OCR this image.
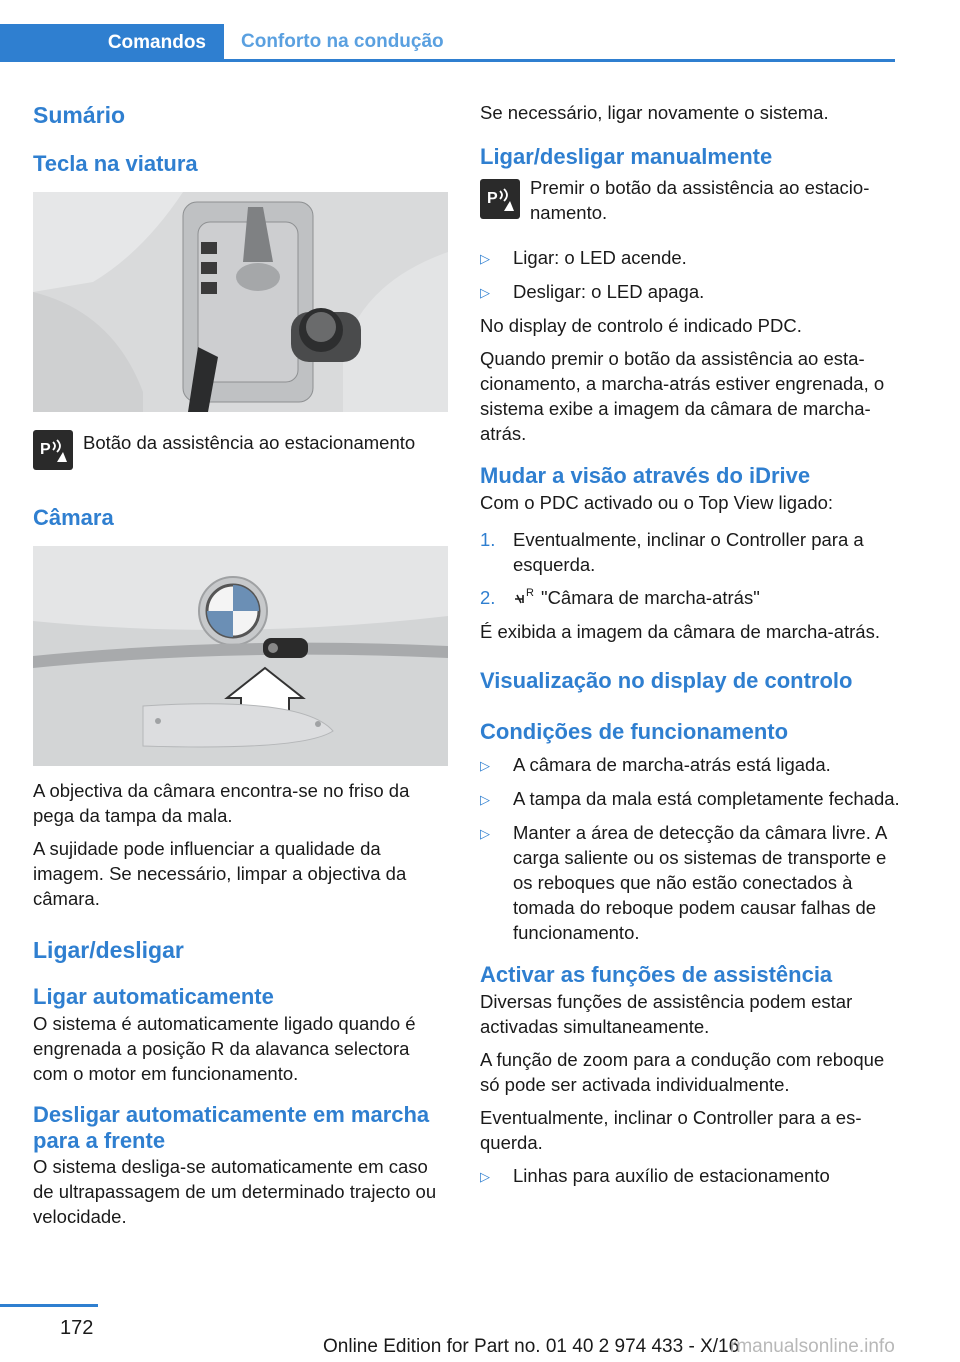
Comandos	Conforto na condução
Sumário
Tecla na viatura
P Botão da assistência ao estacionamento
Câmara

A objectiva da câmara encontra-se no friso da pega da tampa da mala.

A sujidade pode influenciar a qualidade da imagem. Se necessário, limpar a objectiva da câmara.

Ligar/desligar
Ligar automaticamente

O sistema é automaticamente ligado quando é engrenada a posição R da alavanca selectora com o motor em funcionamento.

Desligar automaticamente em marcha para a frente

O sistema desliga-se automaticamente em caso de ultrapassagem de um determinado trajecto ou velocidade.

Se necessário, ligar novamente o sistema.

Ligar/desligar manualmente
P
Premir o botão da assistência ao estacionamento.
▷	Ligar: o LED acende.
▷	Desligar: o LED apaga.

No display de controlo é indicado PDC.

Quando premir o botão da assistência ao estacionamento, a marcha-atrás estiver engrenada, o sistema exibe a imagem da câmara de marcha-atrás.

Mudar a visão através do iDrive

Com o PDC activado ou o Top View ligado:

1. Eventualmente, inclinar o Controller para a esquerda.
2.	R "Câmara de marcha-atrás"

É exibida a imagem da câmara de marcha-atrás.

Visualização no display de controlo
Condições de funcionamento
▷	A câmara de marcha-atrás está ligada.
▷	A tampa da mala está completamente fechada.
▷	Manter a área de detecção da câmara livre. A carga saliente ou os sistemas de transporte e os reboques que não estão conectados à tomada do reboque podem causar falhas de funcionamento.
Activar as funções de assistência

Diversas funções de assistência podem estar activadas simultaneamente.

A função de zoom para a condução com reboque só pode ser activada individualmente.

Eventualmente, inclinar o Controller para a esquerda.

▷	Linhas para auxílio de estacionamento
172
Online Edition for Part no. 01 40 2 974 433 - X/16
rmanualsonline.info
